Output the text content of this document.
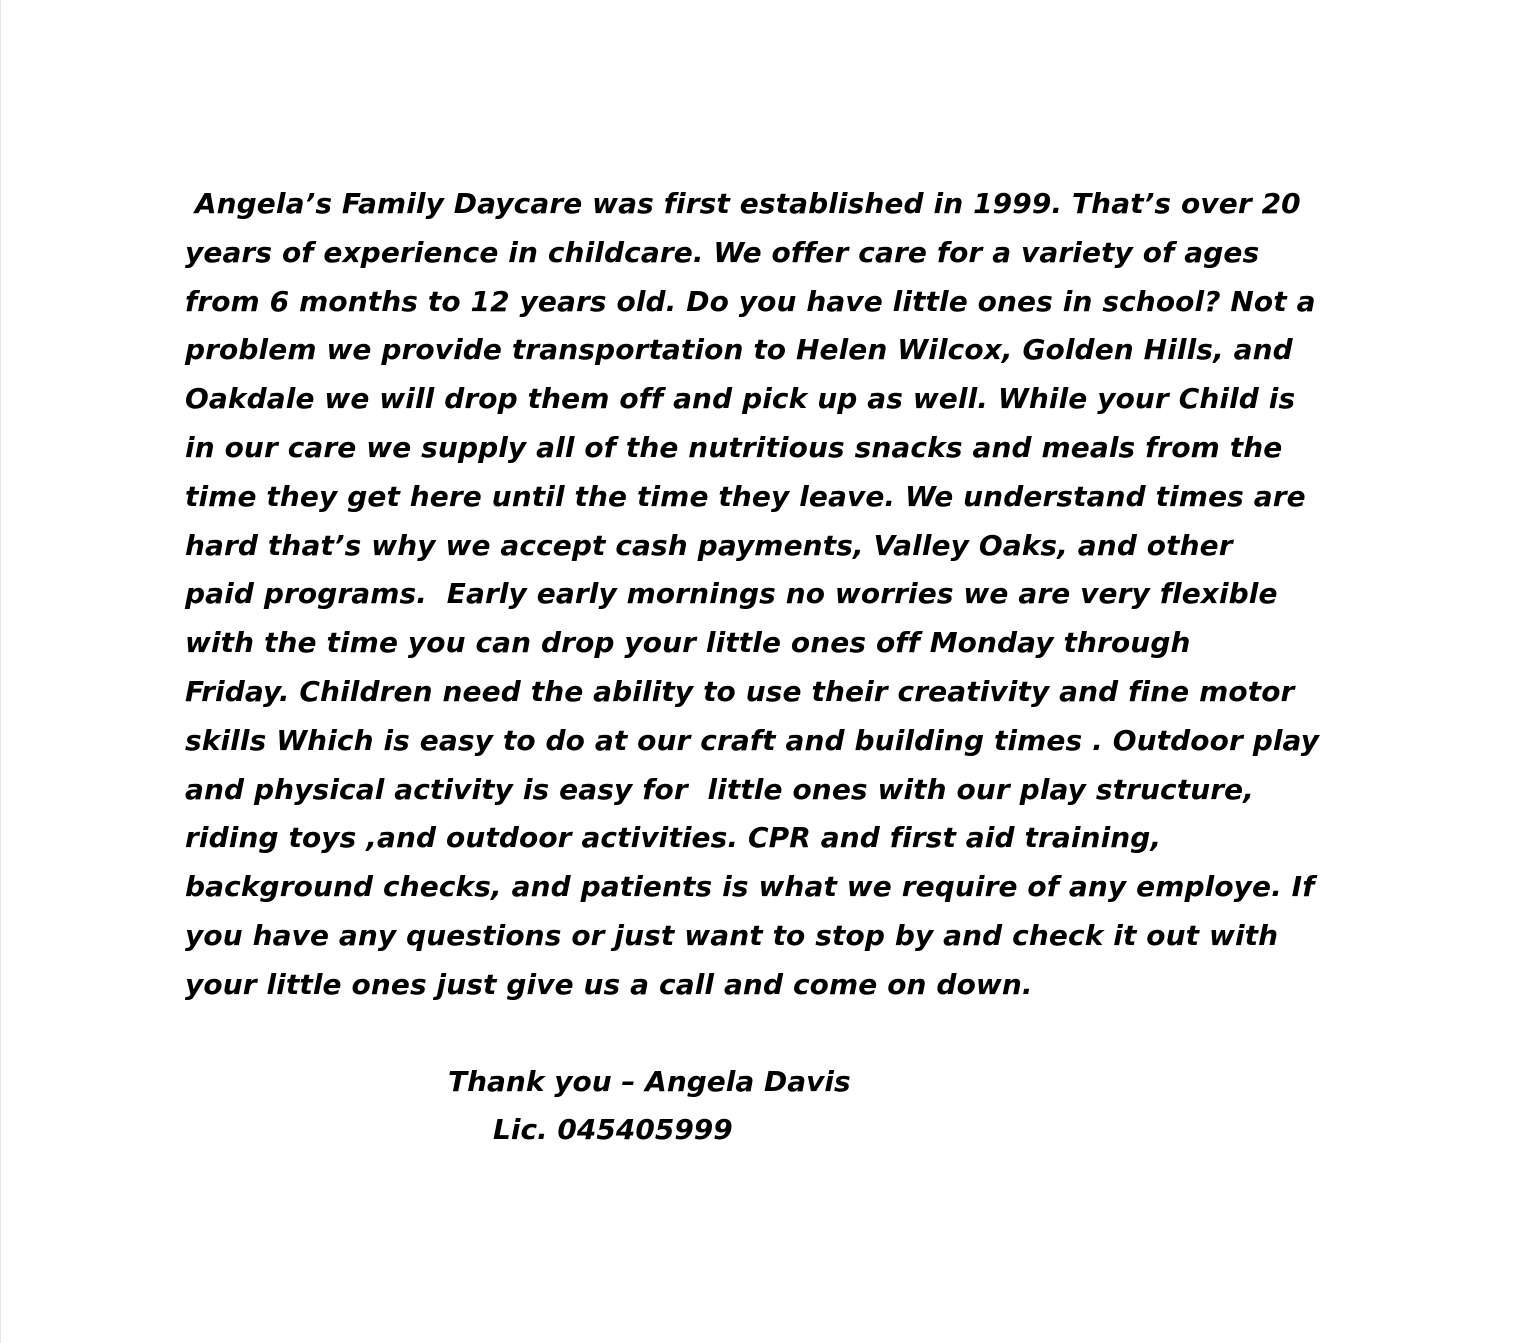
Angela’s Family Daycare was first established in 1999. That’s over 20
years of experience in childcare. We offer care for a variety of ages
from 6 months to 12 years old. Do you have little ones in school? Not a
problem we provide transportation to Helen Wilcox, Golden Hills, and
Oakdale we will drop them off and pick up as well. While your Child is
in our care we supply all of the nutritious snacks and meals from the
time they get here until the time they leave. We understand times are
hard that’s why we accept cash payments, Valley Oaks, and other
paid programs.  Early early mornings no worries we are very flexible
with the time you can drop your little ones off Monday through
Friday. Children need the ability to use their creativity and fine motor
skills Which is easy to do at our craft and building times . Outdoor play
and physical activity is easy for  little ones with our play structure,
riding toys ,and outdoor activities. CPR and first aid training,
background checks, and patients is what we require of any employe. If
you have any questions or just want to stop by and check it out with
your little ones just give us a call and come on down.
Thank you – Angela Davis
Lic. 045405999
